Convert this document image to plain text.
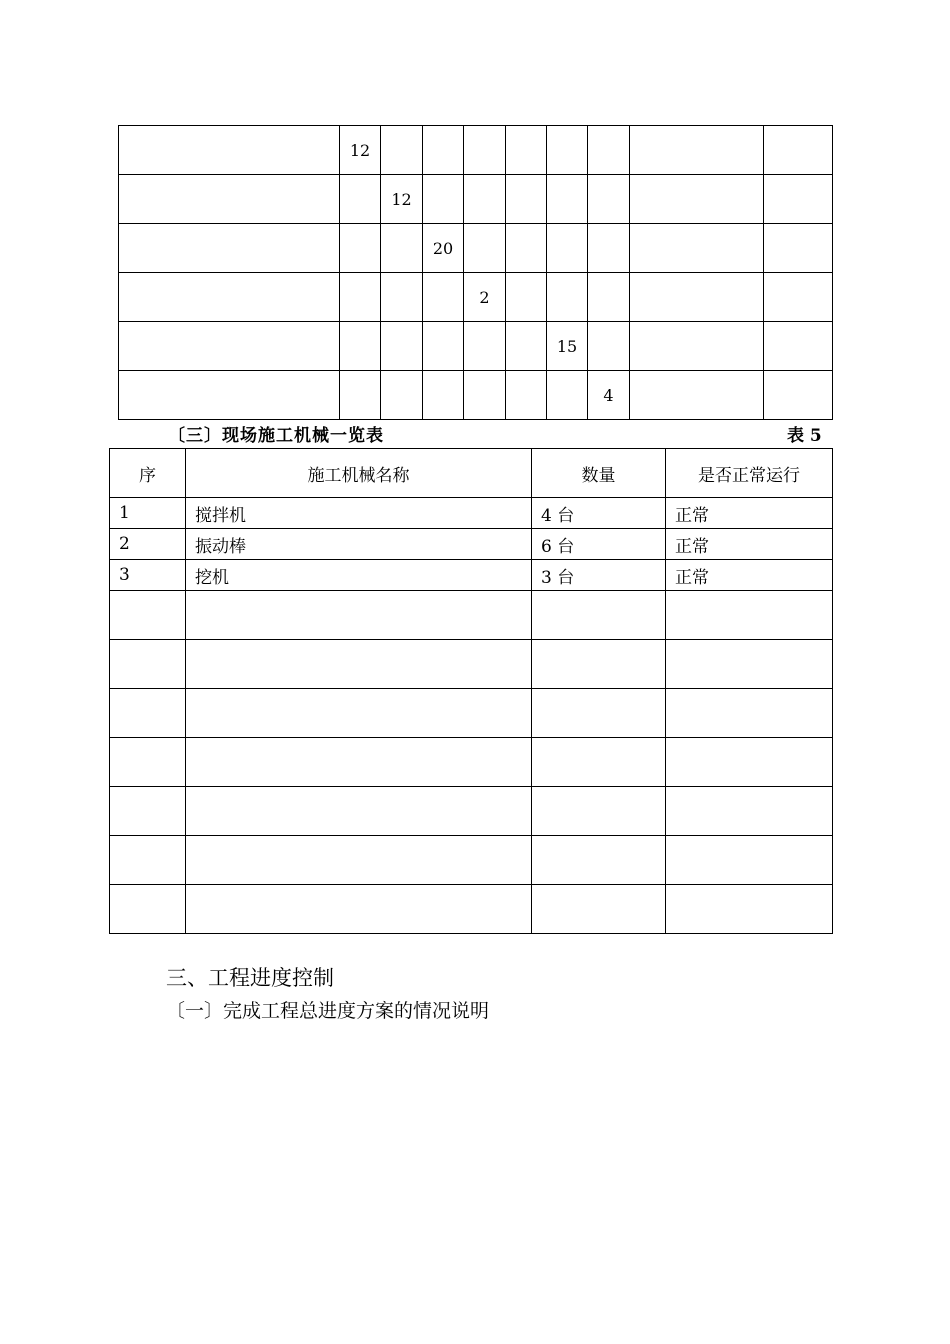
	12								
		12							
			20						
				2					
						15			
							4		
〔三〕现场施工机械一览表	表 5
序	施工机械名称	数量	是否正常运行
1	搅拌机	4 台	正常
2	振动棒	6 台	正常
3	挖机	3 台	正常

三、工程进度控制
〔一〕完成工程总进度方案的情况说明
